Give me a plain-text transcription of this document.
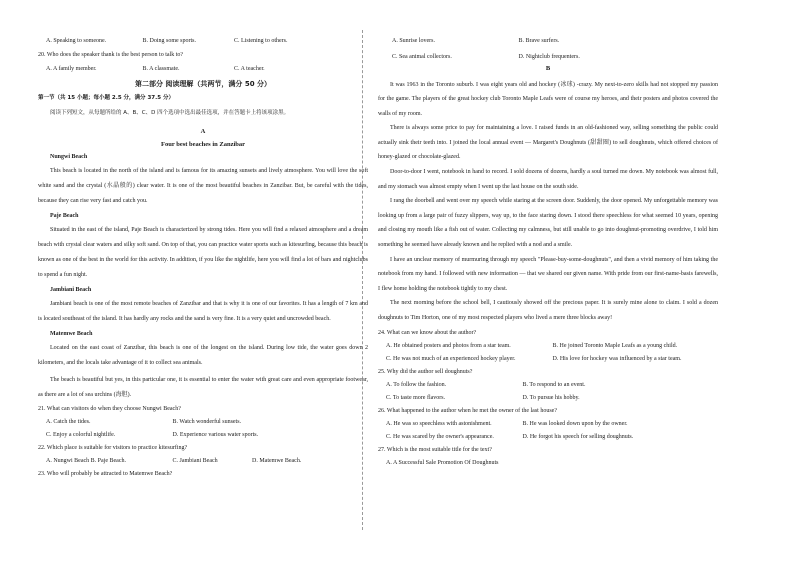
A. Speaking to someone.	B. Doing some sports.	C. Listening to others.
20. Who does the speaker thank is the best person to talk to?
A. A family member.	B. A classmate.	C. A teacher.
第二部分 阅读理解（共两节，满分 50 分）
第一节（共 15 小题；每小题 2.5 分，满分 37.5 分）
阅读下列短文，从每题所给的 A、B、C、D 四个选项中选出最佳选项，并在答题卡上将该项涂黑。
A
Four best beaches in Zanzibar
Nungwi Beach

This beach is located in the north of the island and is famous for its amazing sunsets and lively atmosphere. You will love the soft white sand and the crystal (水晶般的) clear water. It is one of the most beautiful beaches in Zanzibar. But, be careful with the tides, because they can rise very fast and catch you.

Paje Beach

Situated in the east of the island, Paje Beach is characterized by strong tides. Here you will find a relaxed atmosphere and a dream beach with crystal clear waters and silky soft sand. On top of that, you can practice water sports such as kitesurfing, because this beach is known as one of the best in the world for this activity. In addition, if you like the nightlife, here you will find a lot of bars and nightclubs to spend a fun night.

Jambiani Beach

Jambiani beach is one of the most remote beaches of Zanzibar and that is why it is one of our favorites. It has a length of 7 km and is located southeast of the island. It has hardly any rocks and the sand is very fine. It is a very quiet and uncrowded beach.

Matemwe Beach

Located on the east coast of Zanzibar, this beach is one of the longest on the island. During low tide, the water goes down 2 kilometers, and the locals take advantage of it to collect sea animals.

The beach is beautiful but yes, in this particular one, it is essential to enter the water with great care and even appropriate footwear, as there are a lot of sea urchins (海胆).

21. What can visitors do when they choose Nungwi Beach?
A. Catch the tides.	B. Watch wonderful sunsets.
C. Enjoy a colorful nightlife.	D. Experience various water sports.
22. Which place is suitable for visitors to practice kitesurfing?
A. Nungwi Beach B. Paje Beach.	C. Jambiani Beach	D. Matemwe Beach.
23. Who will probably be attracted to Matemwe Beach?
A. Sunrise lovers.	B. Brave surfers.
C. Sea animal collectors.	D. Nightclub frequenters.
B

It was 1963 in the Toronto suburb. I was eight years old and hockey (冰球) -crazy. My next-to-zero skills had not stopped my passion for the game. The players of the great hockey club Toronto Maple Leafs were of course my heroes, and their posters and photos covered the walls of my room.

There is always some price to pay for maintaining a love. I raised funds in an old-fashioned way, selling something the public could actually sink their teeth into. I joined the local annual event — Margaret's Doughnuts (甜甜圈) to sell doughnuts, which offered choices of honey-glazed or chocolate-glazed.

Door-to-door I went, notebook in hand to record. I sold dozens of dozens, hardly a soul turned me down. My notebook was almost full, and my stomach was almost empty when I went up the last house on the south side.

I rang the doorbell and went over my speech while staring at the screen door. Suddenly, the door opened. My unforgettable memory was looking up from a large pair of fuzzy slippers, way up, to the face staring down. I stood there speechless for what seemed 10 years, opening and closing my mouth like a fish out of water. Collecting my calmness, but still unable to go into doughnut-promoting overdrive, I told him something he seemed have already known and he replied with a nod and a smile.

I have an unclear memory of murmuring through my speech "Please-buy-some-doughnuts", and then a vivid memory of him taking the notebook from my hand. I followed with new information — that we shared our given name. With pride from our first-name-basis farewells, I flew home holding the notebook tightly to my chest.

The next morning before the school bell, I cautiously showed off the precious paper. It is surely mine alone to claim. I sold a dozen doughnuts to Tim Horton, one of my most respected players who lived a mere three blocks away!

24. What can we know about the author?
A. He obtained posters and photos from a star team.	B. He joined Toronto Maple Leafs as a young child.
C. He was not much of an experienced hockey player.	D. His love for hockey was influenced by a star team.
25. Why did the author sell doughnuts?
A. To follow the fashion.	B. To respond to an event.
C. To taste more flavors.	D. To pursue his hobby.
26. What happened to the author when he met the owner of the last house?
A. He was so speechless with astonishment.	B. He was looked down upon by the owner.
C. He was scared by the owner's appearance.	D. He forgot his speech for selling doughnuts.
27. Which is the most suitable title for the text?
A. A Successful Sale Promotion Of Doughnuts
